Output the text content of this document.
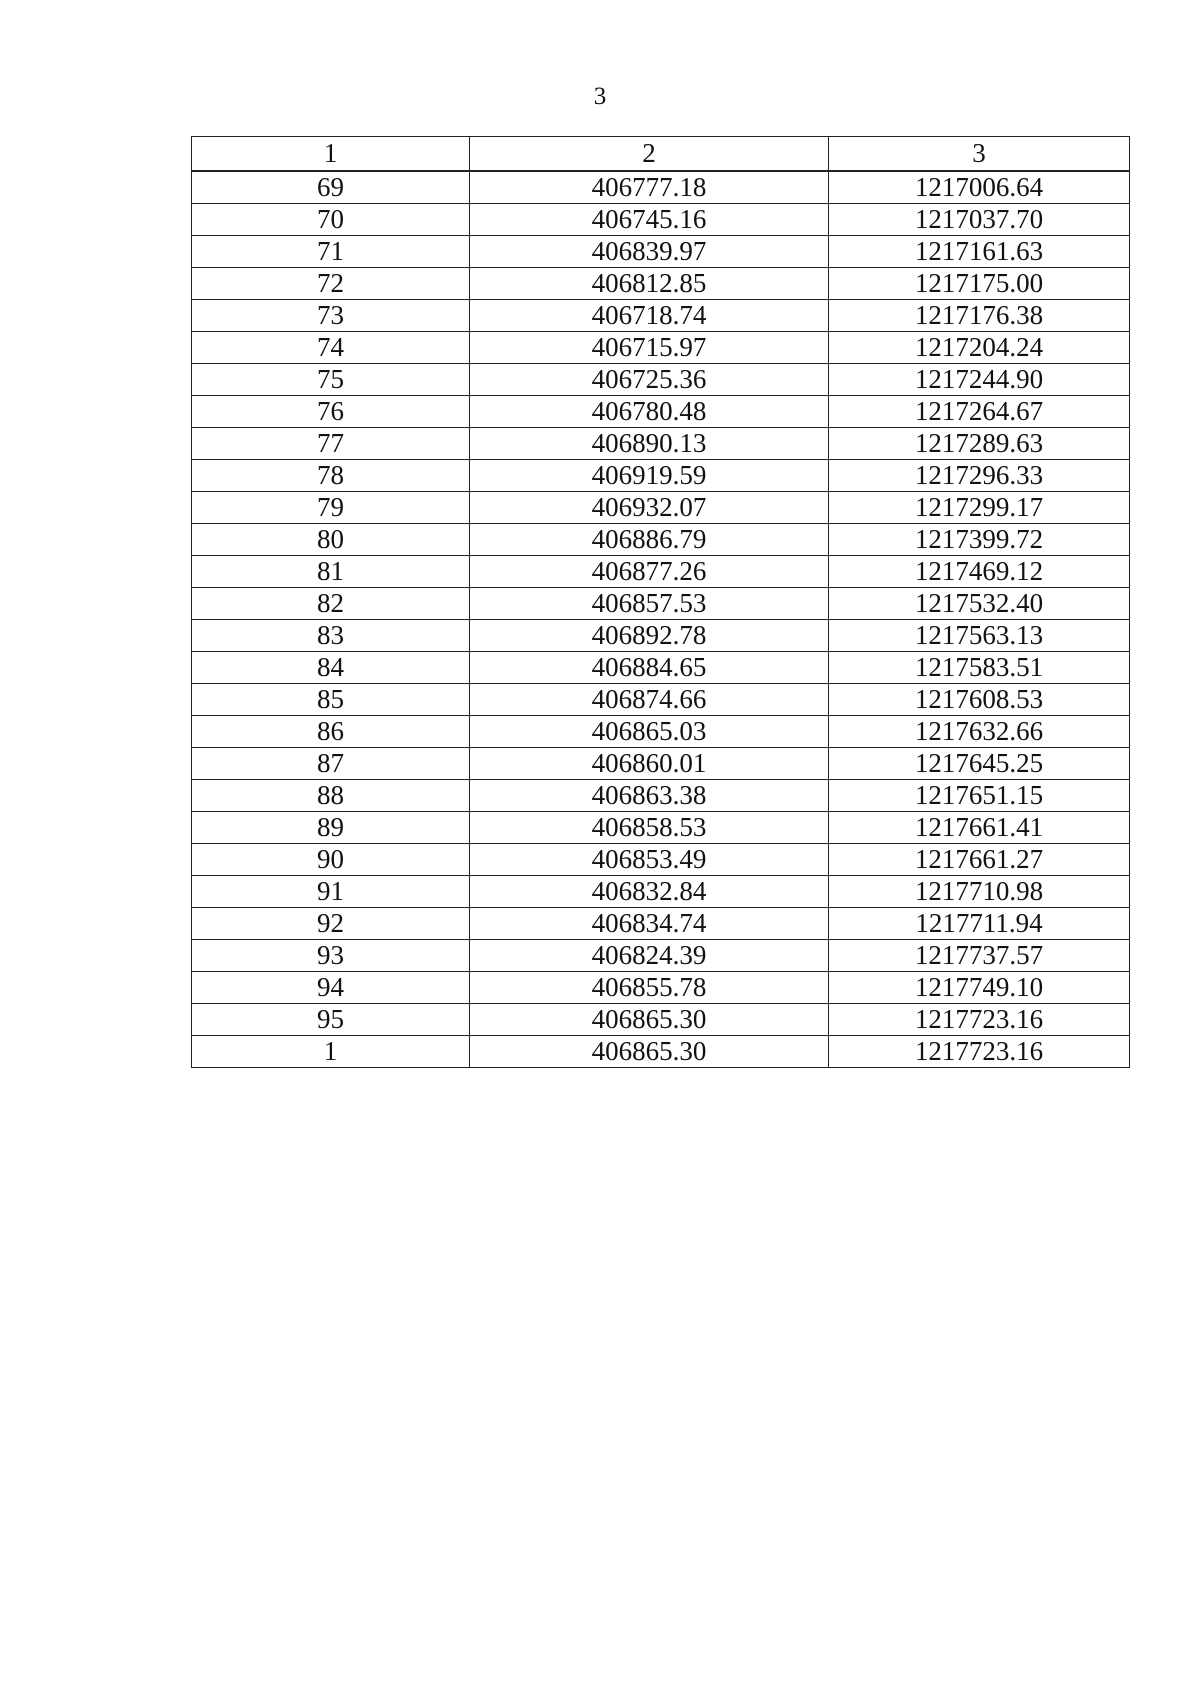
3
1	2	3
69	406777.18	1217006.64
70	406745.16	1217037.70
71	406839.97	1217161.63
72	406812.85	1217175.00
73	406718.74	1217176.38
74	406715.97	1217204.24
75	406725.36	1217244.90
76	406780.48	1217264.67
77	406890.13	1217289.63
78	406919.59	1217296.33
79	406932.07	1217299.17
80	406886.79	1217399.72
81	406877.26	1217469.12
82	406857.53	1217532.40
83	406892.78	1217563.13
84	406884.65	1217583.51
85	406874.66	1217608.53
86	406865.03	1217632.66
87	406860.01	1217645.25
88	406863.38	1217651.15
89	406858.53	1217661.41
90	406853.49	1217661.27
91	406832.84	1217710.98
92	406834.74	1217711.94
93	406824.39	1217737.57
94	406855.78	1217749.10
95	406865.30	1217723.16
1	406865.30	1217723.16
